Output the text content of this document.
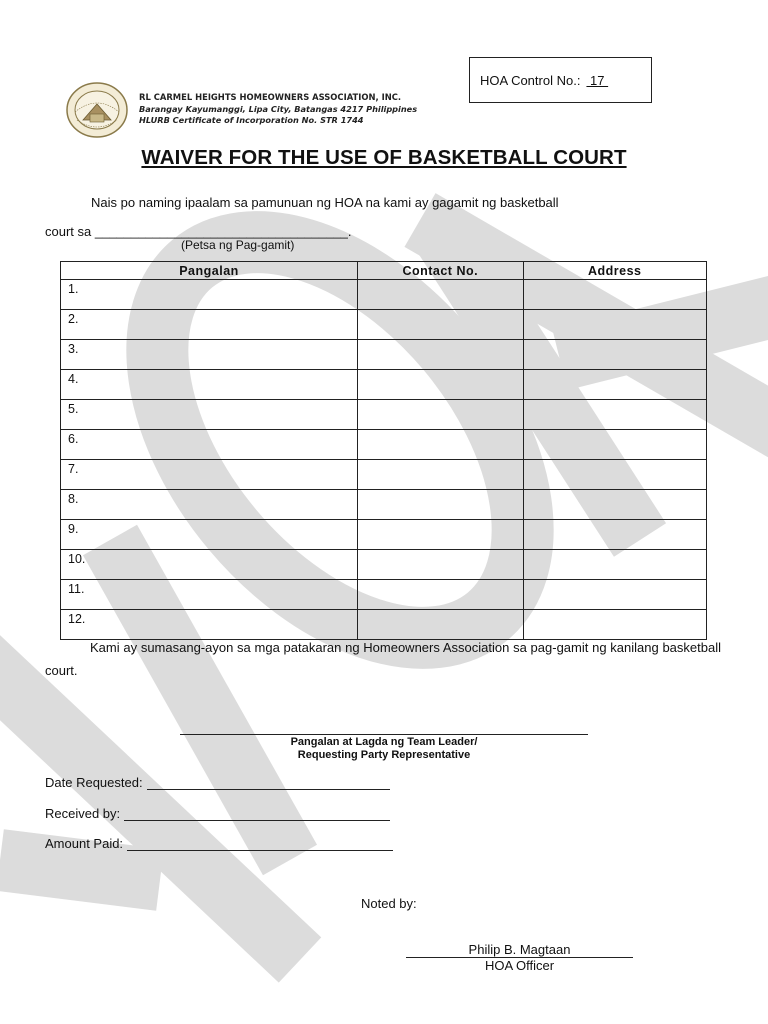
RL CARMEL HEIGHTS HOMEOWNERS ASSOCIATION, INC.
Barangay Kayumanggi, Lipa City, Batangas 4217 Philippines
HLURB Certificate of Incorporation No. STR 1744
HOA Control No.: 17
WAIVER FOR THE USE OF BASKETBALL COURT
Nais po naming ipaalam sa pamunuan ng HOA na kami ay gagamit ng basketball
court sa ___________________________________.
(Petsa ng Pag-gamit)
Pangalan	Contact No.	Address
1.		
2.		
3.		
4.		
5.		
6.		
7.		
8.		
9.		
10.		
11.		
12.		
Kami ay sumasang-ayon sa mga patakaran ng Homeowners Association sa pag-gamit ng kanilang basketball court.
Pangalan at Lagda ng Team Leader/
Requesting Party Representative
Date Requested:
Received by:
Amount Paid:
Noted by:
Philip B. Magtaan
HOA Officer
